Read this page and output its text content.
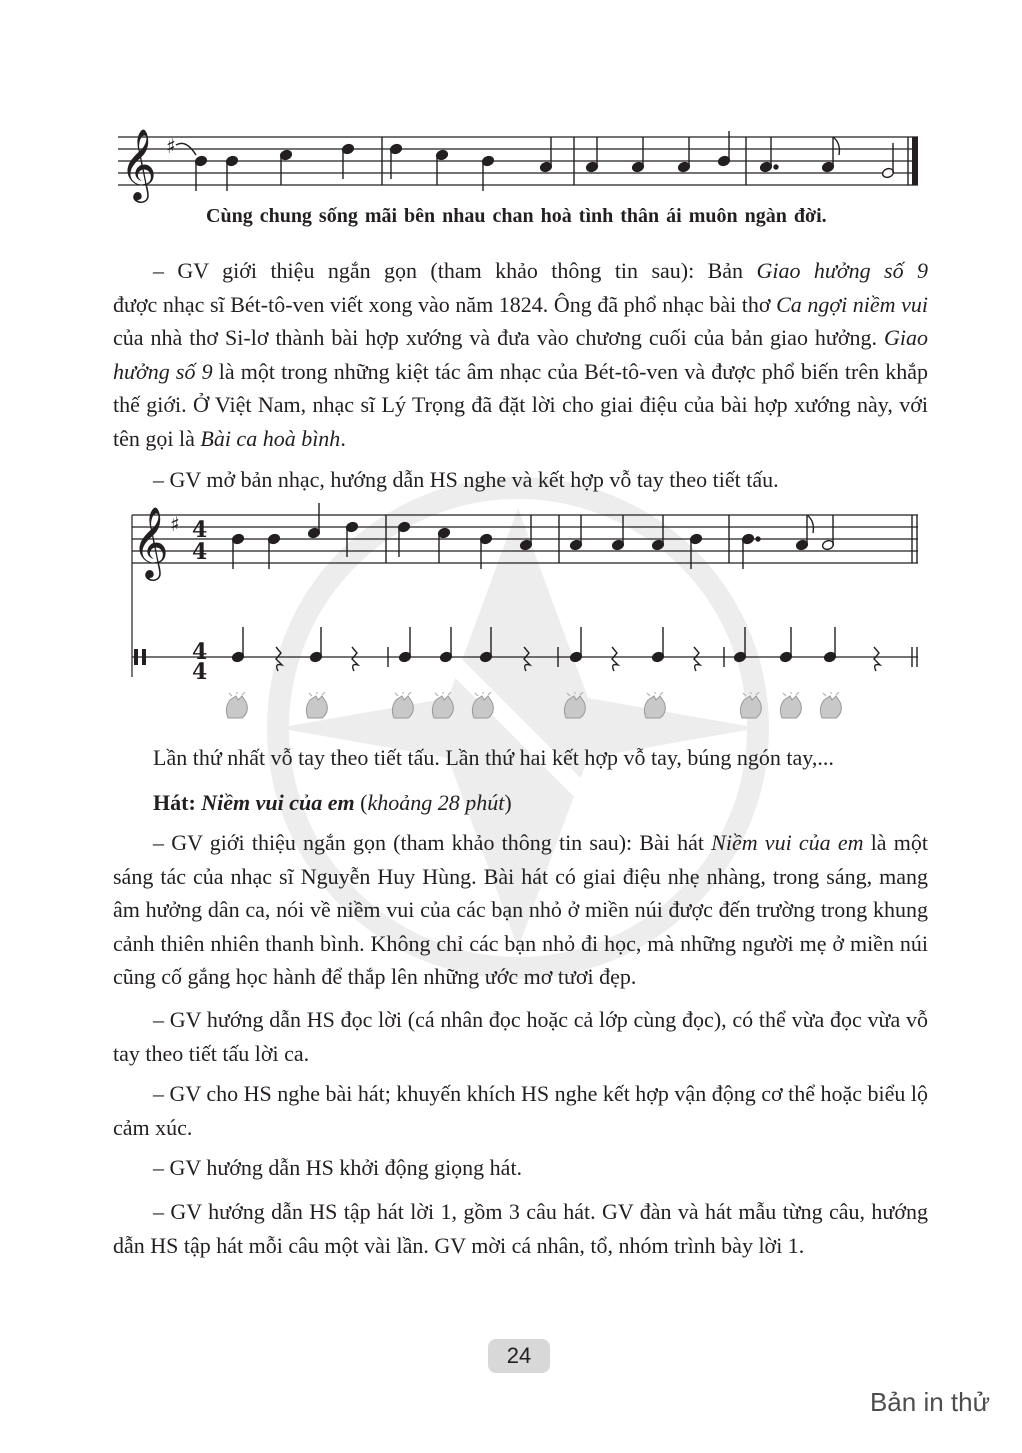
𝄞 ♯
Cùng chung sống mãi bên nhau chan hoà tình thân ái muôn ngàn đời.
– GV giới thiệu ngắn gọn (tham khảo thông tin sau): Bản Giao hưởng số 9
được nhạc sĩ Bét-tô-ven viết xong vào năm 1824. Ông đã phổ nhạc bài thơ Ca ngợi niềm vui của nhà thơ Si-lơ thành bài hợp xướng và đưa vào chương cuối của bản giao hưởng. Giao hưởng số 9 là một trong những kiệt tác âm nhạc của Bét-tô-ven và được phổ biến trên khắp thế giới. Ở Việt Nam, nhạc sĩ Lý Trọng đã đặt lời cho giai điệu của bài hợp xướng này, với tên gọi là Bài ca hoà bình.
– GV mở bản nhạc, hướng dẫn HS nghe và kết hợp vỗ tay theo tiết tấu.
𝄞 ♯ 4
4
4
4
Lần thứ nhất vỗ tay theo tiết tấu. Lần thứ hai kết hợp vỗ tay, búng ngón tay,...
Hát: Niềm vui của em (khoảng 28 phút)
– GV giới thiệu ngắn gọn (tham khảo thông tin sau): Bài hát Niềm vui của em là một sáng tác của nhạc sĩ Nguyễn Huy Hùng. Bài hát có giai điệu nhẹ nhàng, trong sáng, mang âm hưởng dân ca, nói về niềm vui của các bạn nhỏ ở miền núi được đến trường trong khung cảnh thiên nhiên thanh bình. Không chỉ các bạn nhỏ đi học, mà những người mẹ ở miền núi cũng cố gắng học hành để thắp lên những ước mơ tươi đẹp.
– GV hướng dẫn HS đọc lời (cá nhân đọc hoặc cả lớp cùng đọc), có thể vừa đọc vừa vỗ tay theo tiết tấu lời ca.
– GV cho HS nghe bài hát; khuyến khích HS nghe kết hợp vận động cơ thể hoặc biểu lộ cảm xúc.
– GV hướng dẫn HS khởi động giọng hát.
– GV hướng dẫn HS tập hát lời 1, gồm 3 câu hát. GV đàn và hát mẫu từng câu, hướng dẫn HS tập hát mỗi câu một vài lần. GV mời cá nhân, tổ, nhóm trình bày lời 1.
24
Bản in thử
